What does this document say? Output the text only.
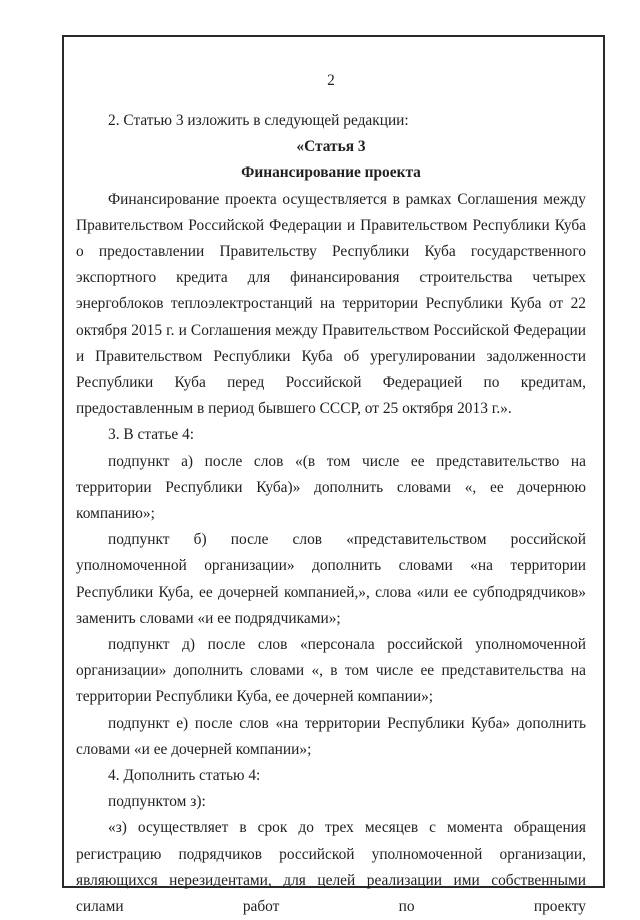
2

2. Статью 3 изложить в следующей редакции:

«Статья 3

Финансирование проекта

Финансирование проекта осуществляется в рамках Соглашения между Правительством Российской Федерации и Правительством Республики Куба о предоставлении Правительству Республики Куба государственного экспортного кредита для финансирования строительства четырех энергоблоков теплоэлектростанций на территории Республики Куба от 22 октября 2015 г. и Соглашения между Правительством Российской Федерации и Правительством Республики Куба об урегулировании задолженности Республики Куба перед Российской Федерацией по кредитам, предоставленным в период бывшего СССР, от 25 октября 2013 г.».

3. В статье 4:

подпункт а) после слов «(в том числе ее представительство на территории Республики Куба)» дополнить словами «, ее дочернюю компанию»;

подпункт б) после слов «представительством российской уполномоченной организации» дополнить словами «на территории Республики Куба, ее дочерней компанией,», слова «или ее субподрядчиков» заменить словами «и ее подрядчиками»;

подпункт д) после слов «персонала российской уполномоченной организации» дополнить словами «, в том числе ее представительства на территории Республики Куба, ее дочерней компании»;

подпункт е) после слов «на территории Республики Куба» дополнить словами «и ее дочерней компании»;

4. Дополнить статью 4:

подпунктом з):

«з) осуществляет в срок до трех месяцев с момента обращения регистрацию подрядчиков российской уполномоченной организации, являющихся нерезидентами, для целей реализации ими собственными силами работ по проекту
